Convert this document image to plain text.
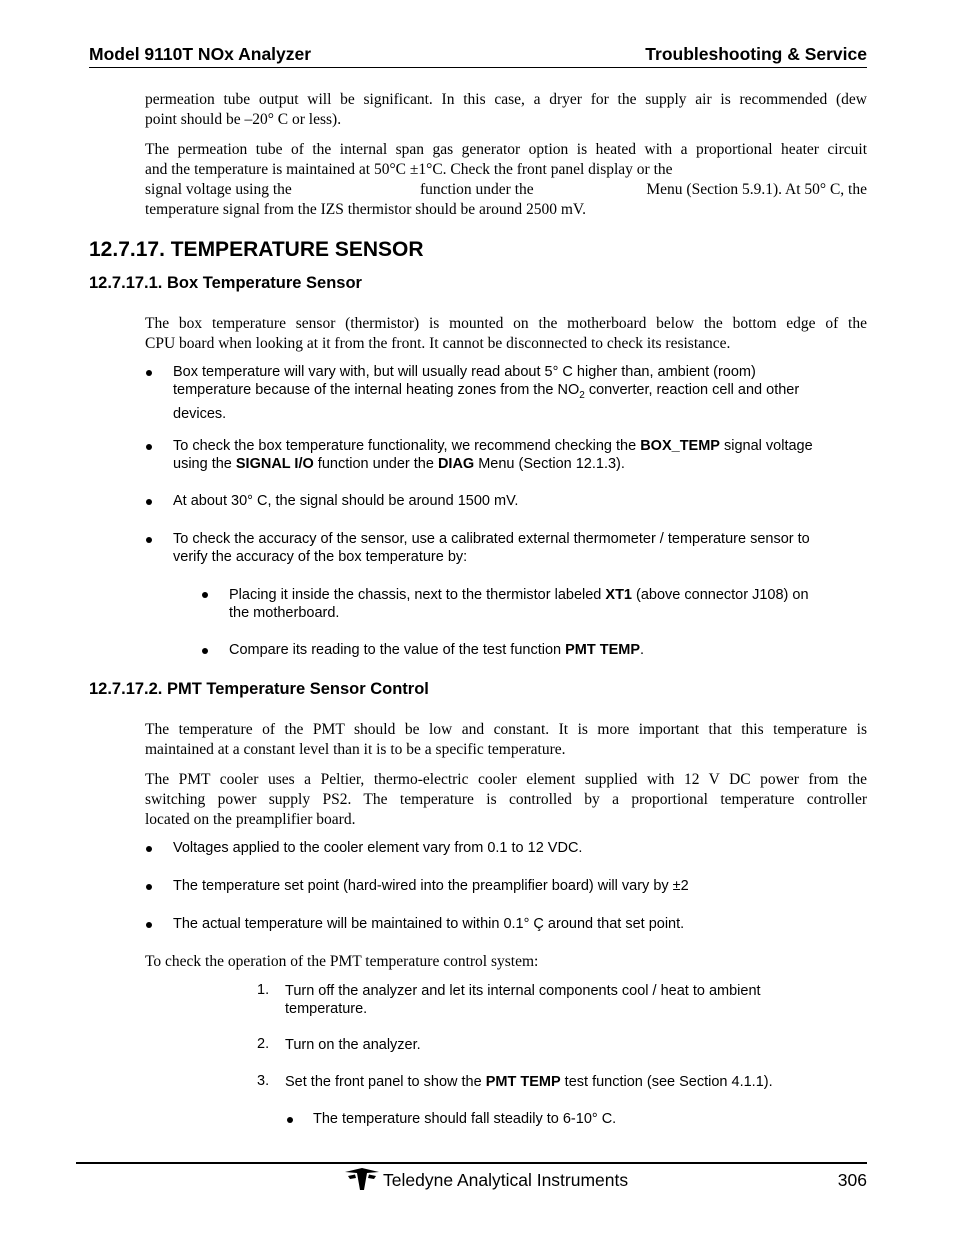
Model 9110T NOx Analyzer	Troubleshooting & Service
permeation tube output will be significant. In this case, a dryer for the supply air is recommended (dew
point should be –20° C or less).
The permeation tube of the internal span gas generator option is heated with a proportional heater circuit
and the temperature is maintained at 50°C ±1°C. Check the front panel display or the
signal voltage using the	function under the	Menu (Section 5.9.1). At 50° C, the
temperature signal from the IZS thermistor should be around 2500 mV.
12.7.17. TEMPERATURE SENSOR
12.7.17.1. Box Temperature Sensor
The box temperature sensor (thermistor) is mounted on the motherboard below the bottom edge of the
CPU board when looking at it from the front. It cannot be disconnected to check its resistance.
Box temperature will vary with, but will usually read about 5° C higher than, ambient (room)
temperature because of the internal heating zones from the $NO_2$ converter, reaction cell and other
devices.
To check the box temperature functionality, we recommend checking the BOX_TEMP signal voltage
using the SIGNAL I/O function under the DIAG Menu (Section 12.1.3).
At about 30° C, the signal should be around 1500 mV.
To check the accuracy of the sensor, use a calibrated external thermometer / temperature sensor to
verify the accuracy of the box temperature by:
Placing it inside the chassis, next to the thermistor labeled XT1 (above connector J108) on
the motherboard.
Compare its reading to the value of the test function PMT TEMP.
12.7.17.2. PMT Temperature Sensor Control
The temperature of the PMT should be low and constant. It is more important that this temperature is
maintained at a constant level than it is to be a specific temperature.
The PMT cooler uses a Peltier, thermo-electric cooler element supplied with 12 V DC power from the
switching power supply PS2. The temperature is controlled by a proportional temperature controller
located on the preamplifier board.
Voltages applied to the cooler element vary from 0.1 to 12 VDC.
The temperature set point (hard-wired into the preamplifier board) will vary by ±2
The actual temperature will be maintained to within 0.1° Ç around that set point.
To check the operation of the PMT temperature control system:
1. Turn off the analyzer and let its internal components cool / heat to ambient
temperature.
2. Turn on the analyzer.
3. Set the front panel to show the PMT TEMP test function (see Section 4.1.1).
The temperature should fall steadily to 6-10° C.
Teledyne Analytical Instruments	306
